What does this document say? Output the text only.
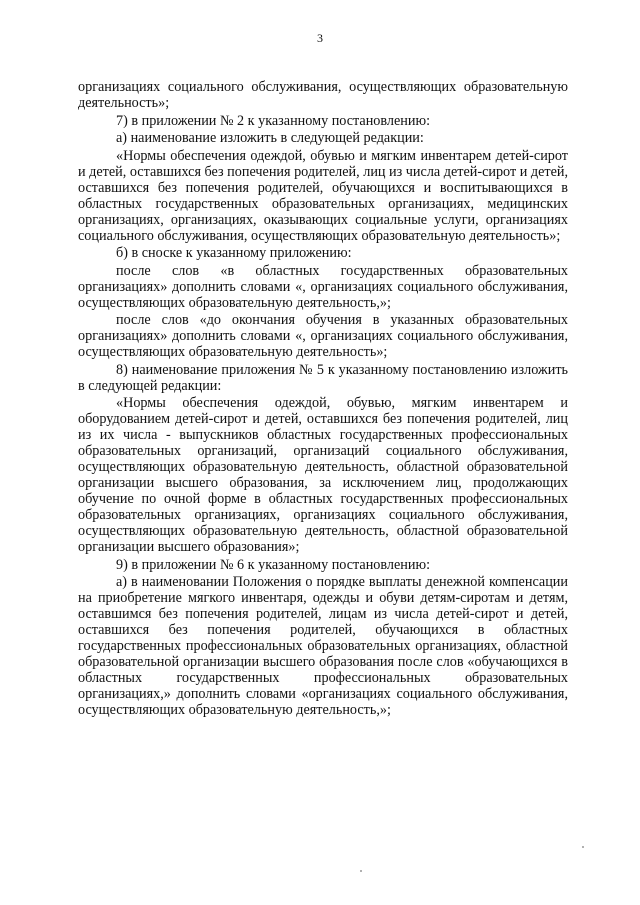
3

организациях социального обслуживания, осуществляющих образовательную деятельность»;

7) в приложении № 2 к указанному постановлению:

а) наименование изложить в следующей редакции:

«Нормы обеспечения одеждой, обувью и мягким инвентарем детей-сирот и детей, оставшихся без попечения родителей, лиц из числа детей-сирот и детей, оставшихся без попечения родителей, обучающихся и воспитывающихся в областных государственных образовательных организациях, медицинских организациях, организациях, оказывающих социальные услуги, организациях социального обслуживания, осуществляющих образовательную деятельность»;

б) в сноске к указанному приложению:

после слов «в областных государственных образовательных организациях» дополнить словами «, организациях социального обслуживания, осуществляющих образовательную деятельность,»;

после слов «до окончания обучения в указанных образовательных организациях» дополнить словами «, организациях социального обслуживания, осуществляющих образовательную деятельность»;

8) наименование приложения № 5 к указанному постановлению изложить в следующей редакции:

«Нормы обеспечения одеждой, обувью, мягким инвентарем и оборудованием детей-сирот и детей, оставшихся без попечения родителей, лиц из их числа - выпускников областных государственных профессиональных образовательных организаций, организаций социального обслуживания, осуществляющих образовательную деятельность, областной образовательной организации высшего образования, за исключением лиц, продолжающих обучение по очной форме в областных государственных профессиональных образовательных организациях, организациях социального обслуживания, осуществляющих образовательную деятельность, областной образовательной организации высшего образования»;

9) в приложении № 6 к указанному постановлению:

а) в наименовании Положения о порядке выплаты денежной компенсации на приобретение мягкого инвентаря, одежды и обуви детям-сиротам и детям, оставшимся без попечения родителей, лицам из числа детей-сирот и детей, оставшихся без попечения родителей, обучающихся в областных государственных профессиональных образовательных организациях, областной образовательной организации высшего образования после слов «обучающихся в областных государственных профессиональных образовательных организациях,» дополнить словами «организациях социального обслуживания, осуществляющих образовательную деятельность,»;
